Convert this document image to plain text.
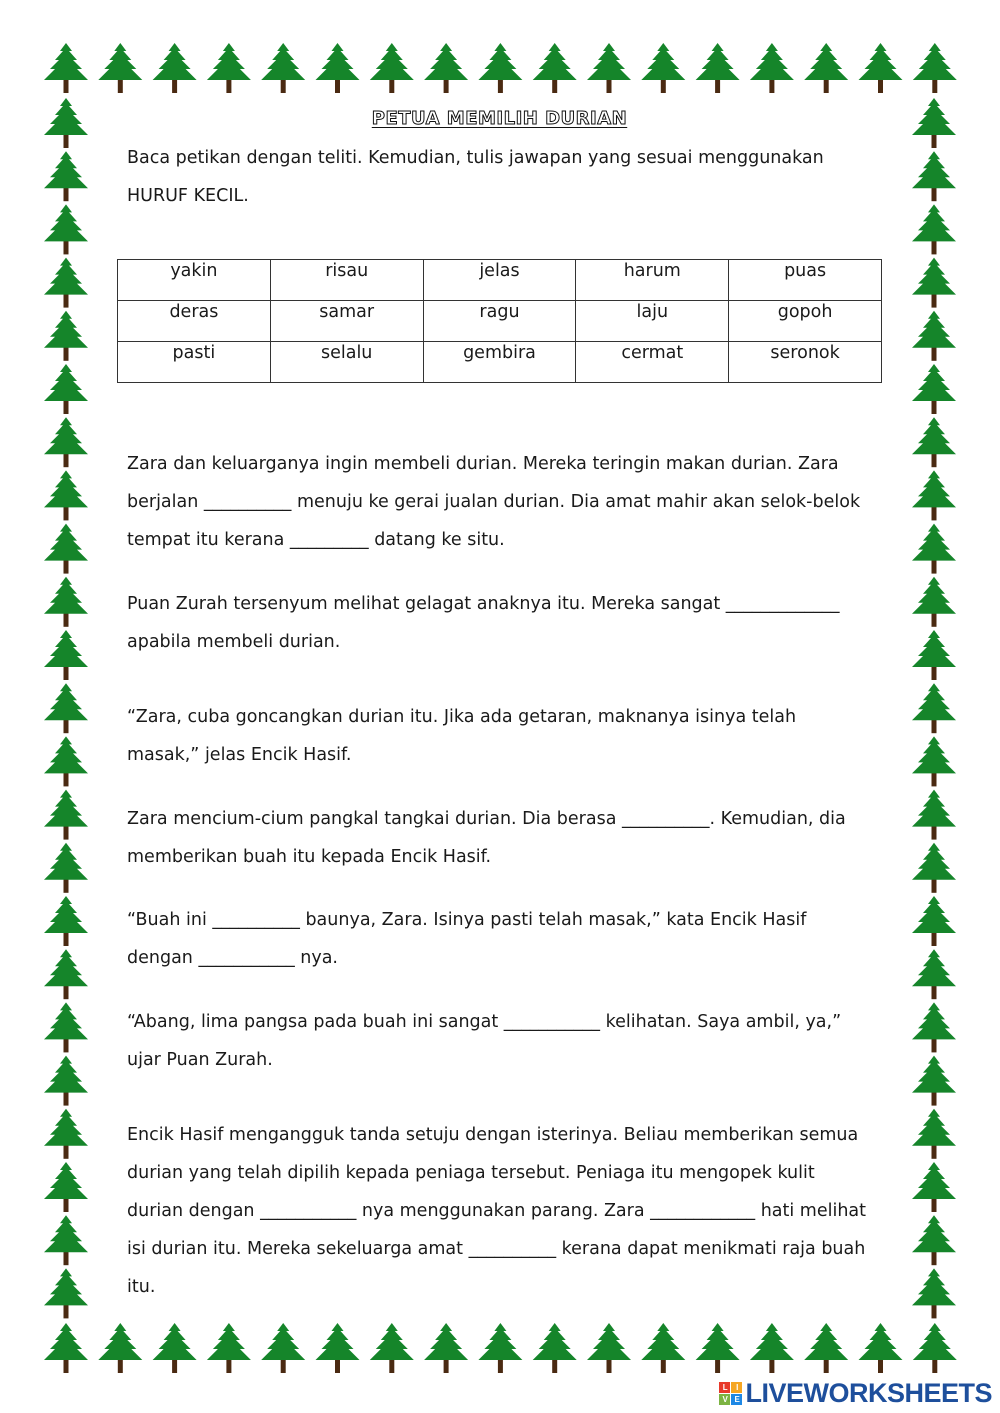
PETUA MEMILIH DURIAN

Baca petikan dengan teliti. Kemudian, tulis jawapan yang sesuai menggunakan HURUF KECIL.

yakin	risau	jelas	harum	puas
deras	samar	ragu	laju	gopoh
pasti	selalu	gembira	cermat	seronok

Zara dan keluarganya ingin membeli durian. Mereka teringin makan durian. Zara berjalan __________ menuju ke gerai jualan durian. Dia amat mahir akan selok-belok tempat itu kerana _________ datang ke situ.

Puan Zurah tersenyum melihat gelagat anaknya itu. Mereka sangat _____________ apabila membeli durian.

“Zara, cuba goncangkan durian itu. Jika ada getaran, maknanya isinya telah masak,” jelas Encik Hasif.

Zara mencium-cium pangkal tangkai durian. Dia berasa __________. Kemudian, dia memberikan buah itu kepada Encik Hasif.

“Buah ini __________ baunya, Zara. Isinya pasti telah masak,” kata Encik Hasif dengan ___________ nya.

“Abang, lima pangsa pada buah ini sangat ___________ kelihatan. Saya ambil, ya,” ujar Puan Zurah.

Encik Hasif mengangguk tanda setuju dengan isterinya. Beliau memberikan semua durian yang telah dipilih kepada peniaga tersebut. Peniaga itu mengopek kulit durian dengan ___________ nya menggunakan parang. Zara ____________ hati melihat isi durian itu. Mereka sekeluarga amat __________ kerana dapat menikmati raja buah itu.

L	I
V E LIVEWORKSHEETS
